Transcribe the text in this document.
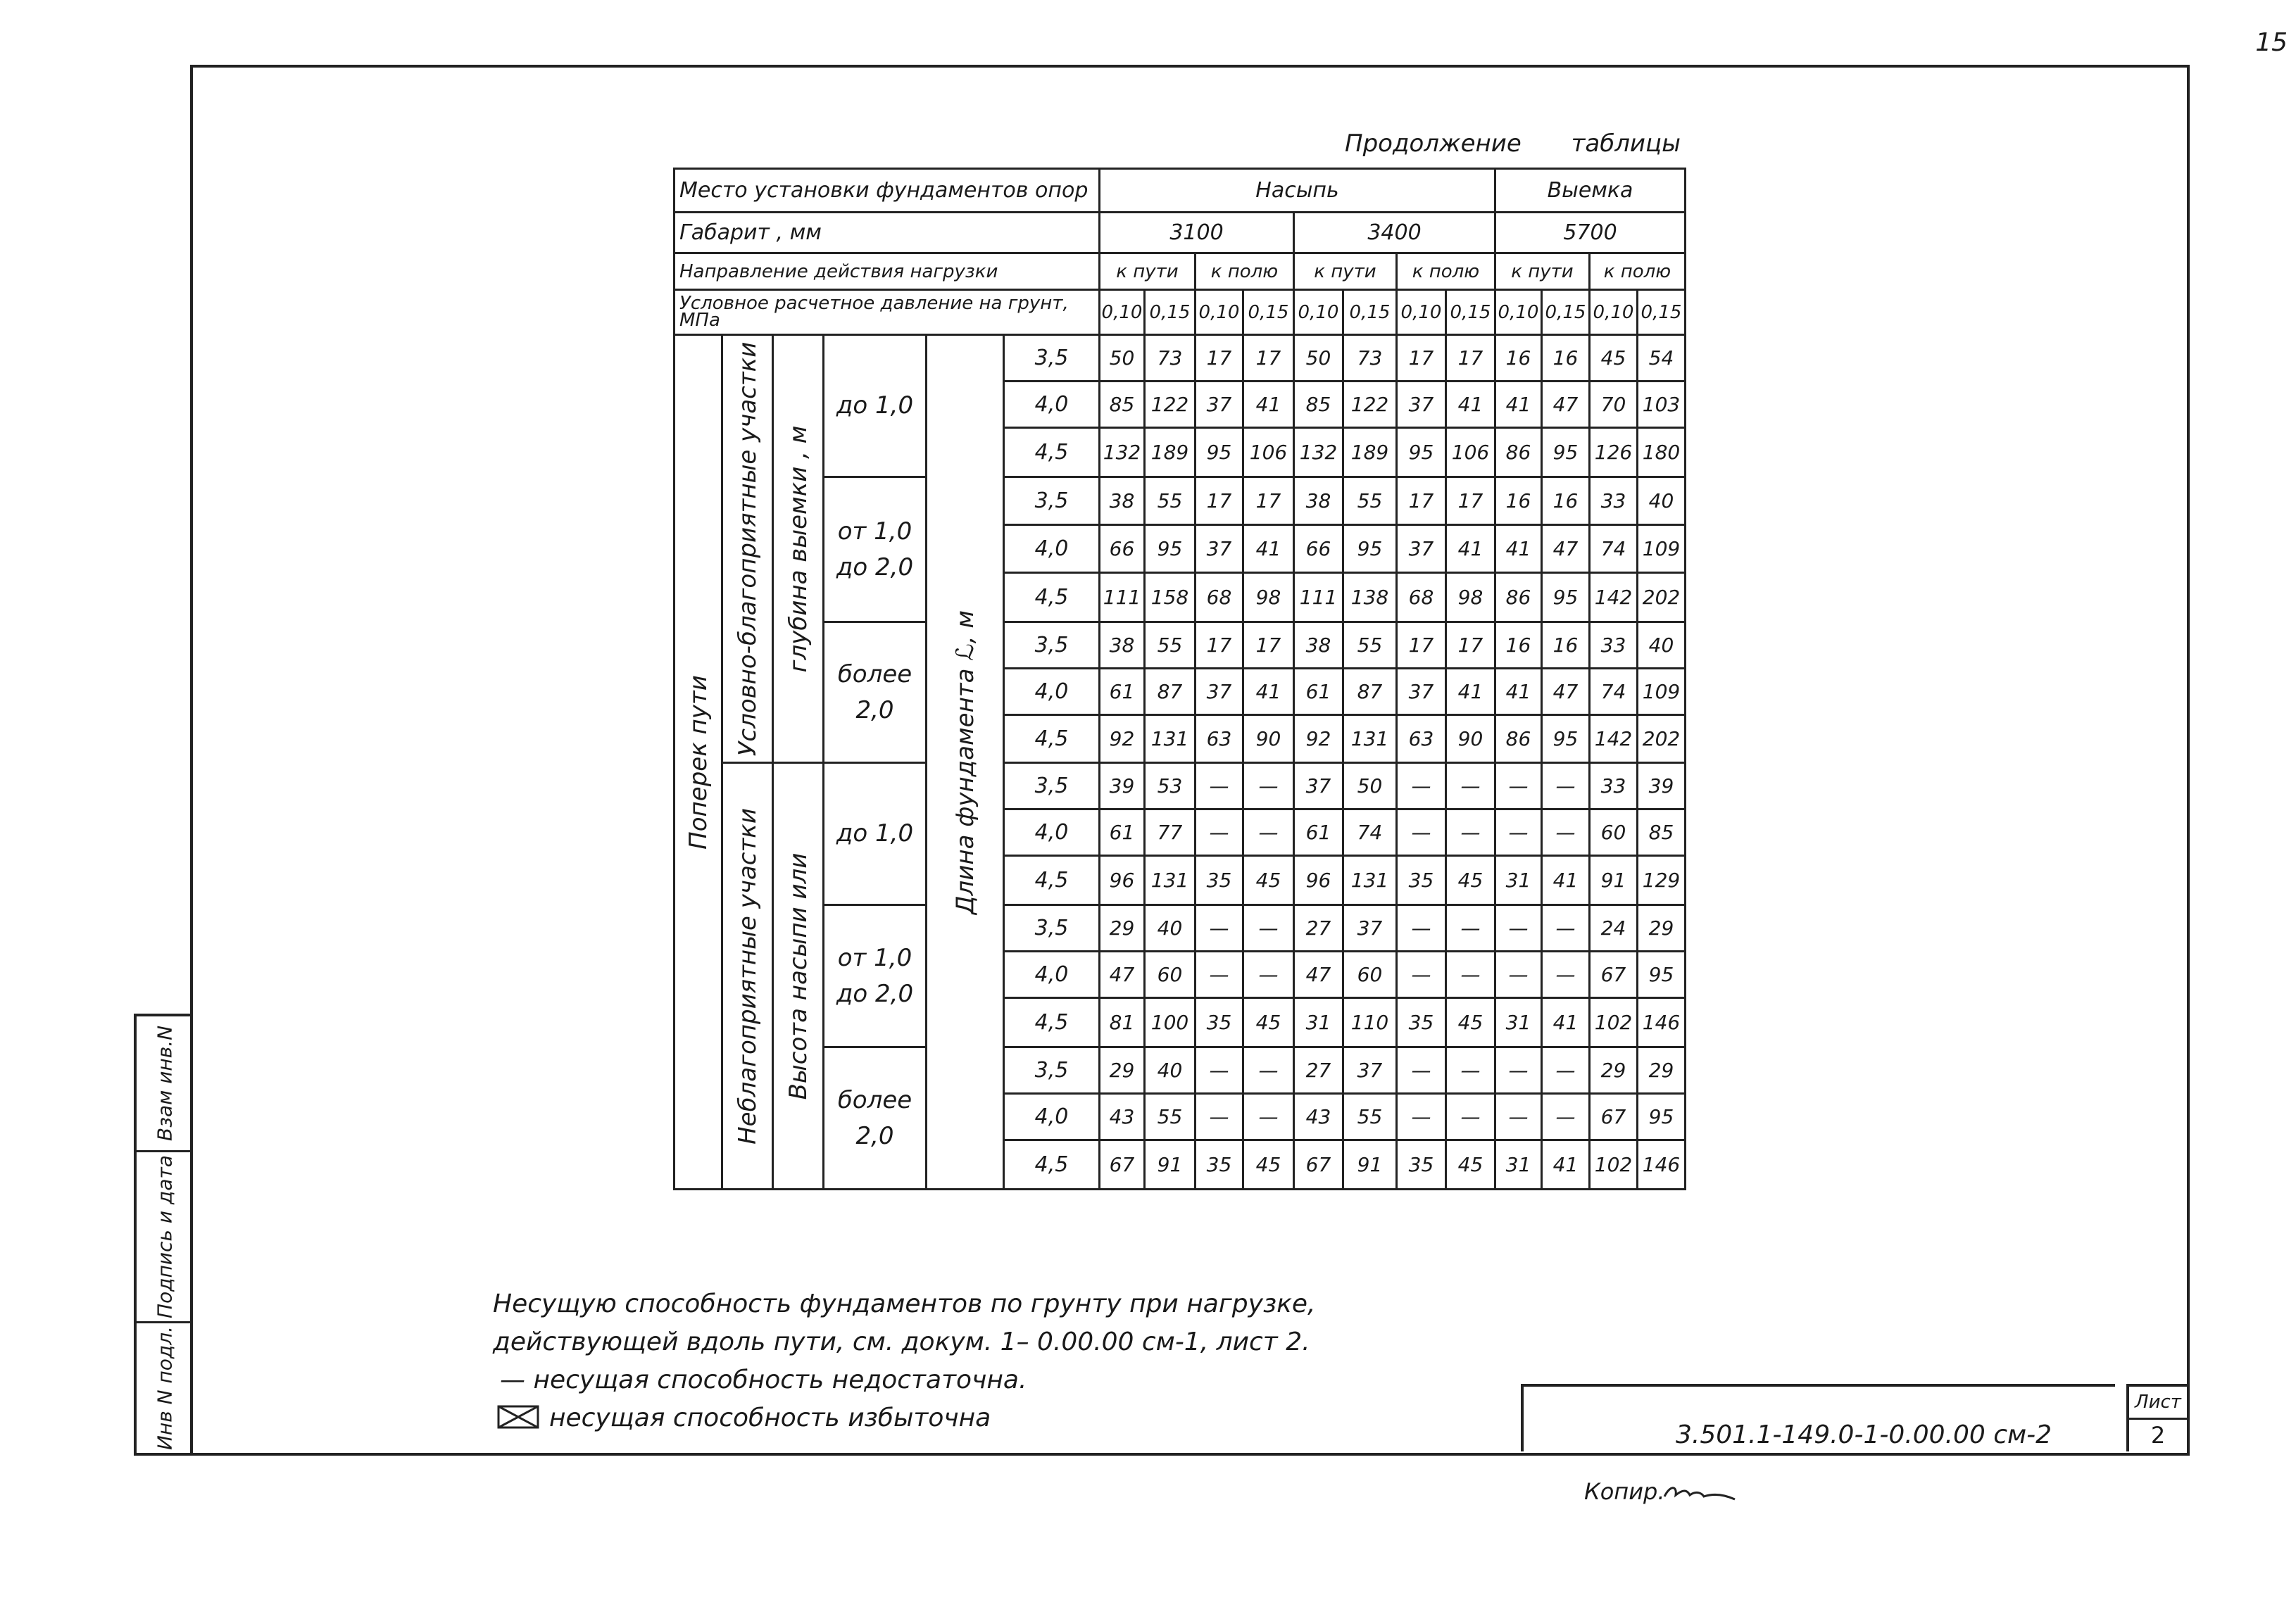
15
Взам инв.N
Подпись и дата
Инв N подл.
Продолжение таблицы
Место установки фундаментов опор						Насыпь								Выемка			
Габарит , мм						3100				3400				5700			
Направление действия нагрузки						к пути		к полю		к пути		к полю		к пути		к полю	
Условное расчетное давление на грунт, МПа						0,10	0,15	0,10	0,15	0,10	0,15	0,10	0,15	0,10	0,15	0,10	0,15

Поперек пути	Условно-благоприятные участки	глубина выемки , м	до 1,0	Длина фундамента ℒ, м	3,5	50	73	17	17	50	73	17	17	16	16	45	54
					4,0	85	122	37	41	85	122	37	41	41	47	70	103
					4,5	132	189	95	106	132	189	95	106	86	95	126	180
			от 1,0 до 2,0		3,5	38	55	17	17	38	55	17	17	16	16	33	40
					4,0	66	95	37	41	66	95	37	41	41	47	74	109
					4,5	111	158	68	98	111	138	68	98	86	95	142	202
			более 2,0		3,5	38	55	17	17	38	55	17	17	16	16	33	40
					4,0	61	87	37	41	61	87	37	41	41	47	74	109
					4,5	92	131	63	90	92	131	63	90	86	95	142	202

	Неблагоприятные участки	Высота насыпи или	до 1,0		3,5	39	53	—	—	37	50	—	—	—	—	33	39
					4,0	61	77	—	—	61	74	—	—	—	—	60	85
					4,5	96	131	35	45	96	131	35	45	31	41	91	129
			от 1,0 до 2,0		3,5	29	40	—	—	27	37	—	—	—	—	24	29
					4,0	47	60	—	—	47	60	—	—	—	—	67	95
					4,5	81	100	35	45	31	110	35	45	31	41	102	146
			более 2,0		3,5	29	40	—	—	27	37	—	—	—	—	29	29
					4,0	43	55	—	—	43	55	—	—	—	—	67	95
					4,5	67	91	35	45	67	91	35	45	31	41	102	146
Несущую способность фундаментов по грунту при нагрузке,
действующей вдоль пути, см. докум. 1– 0.00.00 см-1, лист 2.
— несущая способность недостаточна.
несущая способность избыточна
3.501.1-149.0-1-0.00.00 см-2
Лист
2
Копир.
